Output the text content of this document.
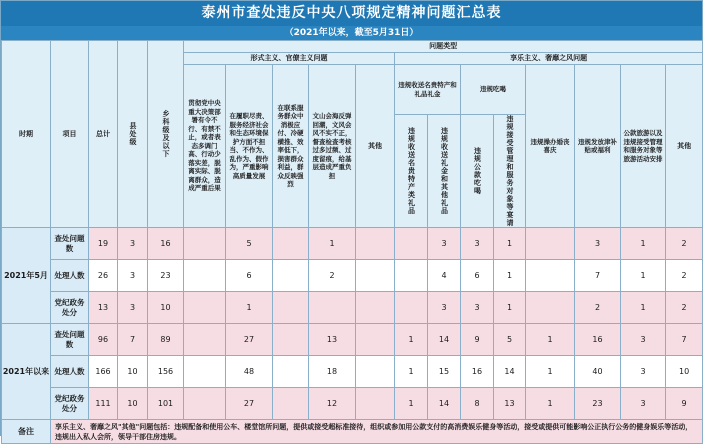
泰州市查处违反中央八项规定精神问题汇总表
（2021年以来，截至5月31日）
时期	项目	总计	县处级	乡科级及以下	问题类型												
					形式主义、官僚主义问题					享乐主义、奢靡之风问题							
					贯彻党中央重大决策部署有令不行、有禁不止，或者表态多调门高、行动少落实差，脱离实际、脱离群众，造成严重后果	在履职尽责、服务经济社会和生态环境保护方面不担当、不作为、乱作为、假作为，严重影响高质量发展	在联系服务群众中消极应付、冷硬横推、效率低下，损害群众利益，群众反映强烈	文山会海反弹回潮，文风会风不实不正，督查检查考核过多过频、过度留痕，给基层造成严重负担	其他	违规收送名贵特产和礼品礼金		违规吃喝		违规操办婚丧喜庆	违规发放津补贴或福利	公款旅游以及违规接受管理和服务对象等旅游活动安排	其他

										违规收送名贵特产类礼品	违规收送礼金和其他礼品	违规公款吃喝	违规接受管理和服务对象等宴请				

2021年5月	查处问题数	19	3	16		5		1			3	3	1		3	1	2
	处理人数	26	3	23		6		2			4	6	1		7	1	2
	党纪政务处分	13	3	10		1					3	3	1		2	1	2
2021年以来	查处问题数	96	7	89		27		13		1	14	9	5	1	16	3	7
	处理人数	166	10	156		48		18		1	15	16	14	1	40	3	10
	党纪政务处分	111	10	101		27		12		1	14	8	13	1	23	3	9
备注	享乐主义、奢靡之风"其他"问题包括：违规配备和使用公车、楼堂馆所问题，提供或接受超标准接待，组织或参加用公款支付的高消费娱乐健身等活动，接受或提供可能影响公正执行公务的健身娱乐等活动，违规出入私人会所，领导干部住房违规。																
